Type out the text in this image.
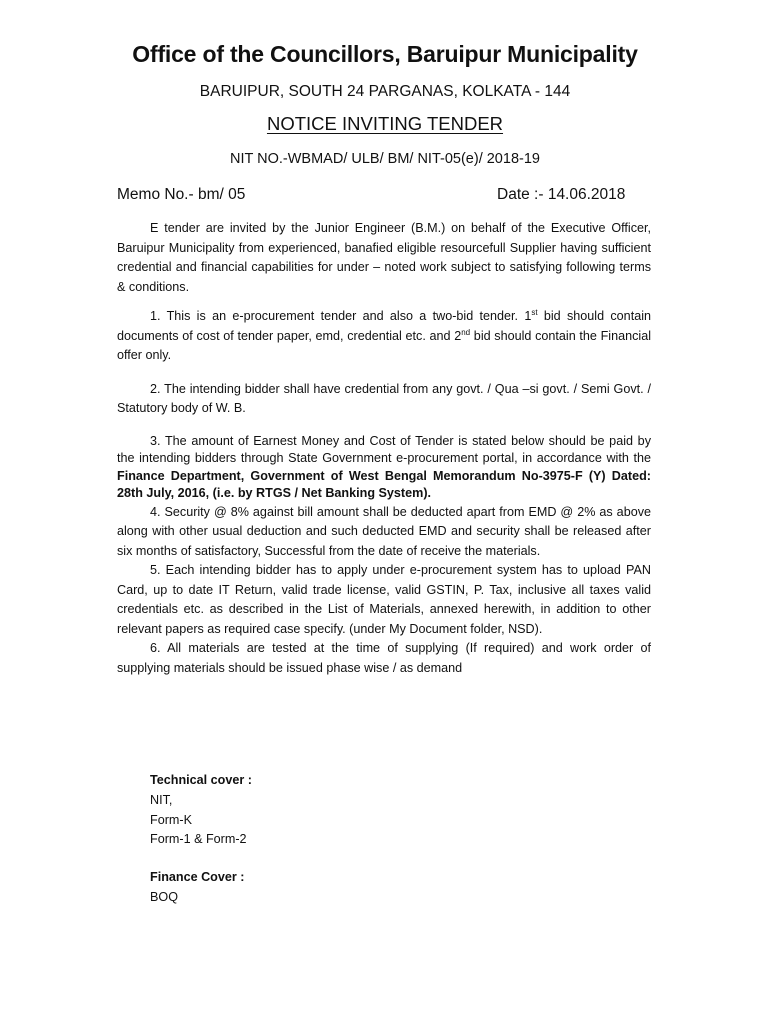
Office of the Councillors, Baruipur Municipality
BARUIPUR, SOUTH 24 PARGANAS, KOLKATA - 144
NOTICE INVITING TENDER
NIT NO.-WBMAD/ ULB/ BM/ NIT-05(e)/ 2018-19
Memo No.- bm/ 05	Date :- 14.06.2018

E tender are invited by the Junior Engineer (B.M.) on behalf of the Executive Officer, Baruipur Municipality from experienced, banafied eligible resourcefull Supplier having sufficient credential and financial capabilities for under – noted work subject to satisfying following terms & conditions.

1. This is an e-procurement tender and also a two-bid tender. 1st bid should contain documents of cost of tender paper, emd, credential etc. and 2nd bid should contain the Financial offer only.

2. The intending bidder shall have credential from any govt. / Qua –si govt. / Semi Govt. / Statutory body of W. B.

3. The amount of Earnest Money and Cost of Tender is stated below should be paid by the intending bidders through State Government e-procurement portal, in accordance with the Finance Department, Government of West Bengal Memorandum No-3975-F (Y) Dated: 28th July, 2016, (i.e. by RTGS / Net Banking System).

4. Security @ 8% against bill amount shall be deducted apart from EMD @ 2% as above along with other usual deduction and such deducted EMD and security shall be released after six months of satisfactory, Successful from the date of receive the materials.

5. Each intending bidder has to apply under e-procurement system has to upload PAN Card, up to date IT Return, valid trade license, valid GSTIN, P. Tax, inclusive all taxes valid credentials etc. as described in the List of Materials, annexed herewith, in addition to other relevant papers as required case specify. (under My Document folder, NSD).

6. All materials are tested at the time of supplying (If required) and work order of supplying materials should be issued phase wise / as demand

Technical cover :
NIT,
Form-K
Form-1 & Form-2
Finance Cover :
BOQ
